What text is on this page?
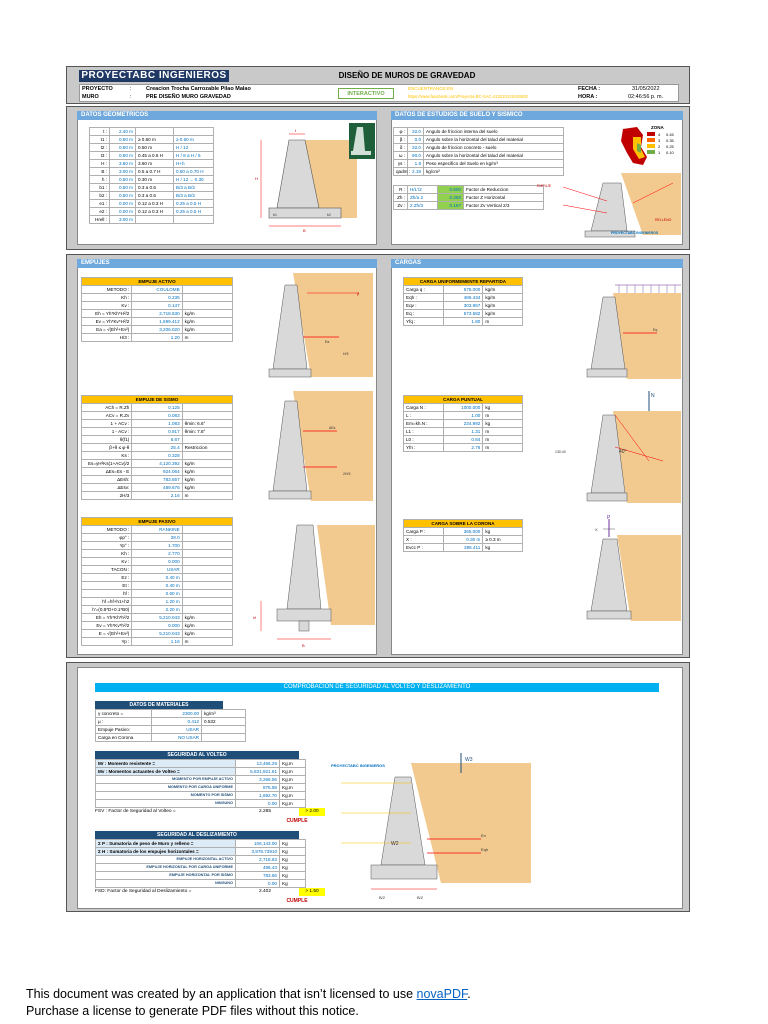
PROYECTABC INGENIEROS	DISEÑO DE MUROS DE GRAVEDAD
PROYECTO	:	Creacion Trocha Carrozable Pilao Malao
MURO	:	PRE DISEÑO MURO GRAVEDAD	INTERACTIVO
ENCUENTRANOS EN
https://www.facebook.com/Proyecta-BC-SAC-413220125193930
FECHA :	31/05/2022
HORA :	02:46:56 p. m.
DATOS GEOMETRICOS
t :	2.40 m		
t1 :	0.60 m	≥ 0.60 m	≥ 0.60 m
t2 :	0.60 m	0.50 m	H / 12
t3 :	0.60 m	0.45 a 0.6 H	H / 8 a H / 6
H :	3.60 m	3.60 m	H+h
B :	3.00 m	0.5 a 0.7 H	0.50 a 0.70 H
h :	0.50 m	0.30 m	H / 12 ... 0.30
b1 :	0.50 m	0.3 a 0.6	B/3 a B/2
b2 :	0.50 m	0.3 a 0.6	B/3 a B/2
e1 :	0.00 m	0.12 a 0.3 H	0.25 a 0.5 H
e2 :	0.00 m	0.12 a 0.3 H	0.25 a 0.5 H
Hrell :	3.00 m		
t
H
B
b1	b2
DATOS DE ESTUDIOS DE SUELO Y SISMICO
φ :	32.0	Angulo de friccion interna del suelo
β :	0.0	Angulo sobre la horizontal del talud del material
δ :	32.0	Angulo de friccion concreto - suelo
ω :	90.0	Angulo sobre la horizontal del talud del material
γs :	1.8	Peso especifico del Suelo en kg/m³
qadm :	2.19	kg/cm²
R :	H/L'/2	0.500	Factor de Reduccion
Zh :	Zh/a 2	0.250	Factor Z Horizontal
Zv :	2.Zh/3	0.167	Factor Zv Vertical 2/3
ZONA
4	0.45
3	0.35
2	0.25
1	0.10
EMPUJE
RELLENO
PROYECTABC INGENIEROS
EMPUJES
EMPUJE ACTIVO		
METODO :	COULOMB	
Kh :	0.235	
Kv :	0.147	
Eh = Yh*Kh*H²/2	2,718.630	kg/m
Ev = Yh*Kv*H²/2	1,699.412	kg/m
Ea = √(Eh²+Ev²)	3,206.020	kg/m
H/3 :	1.20	m
β
Ea
H/3
EMPUJE DE SISMO		
ACh = R.Zh	0.125	
ACv = R.Zv	0.083	
1 + ACv :	1.083	θmin: 6.6°
1 - ACv :	0.917	θmin: 7.8°
θ(f1)	6.67	
β+θ ≤ φ-θ	25.4	Restriccion
Ks :	0.328	
Es=γH²Ks(1+ACv)/2	4,120.392	kg/m
ΔEs=Es - E	924.064	kg/m
ΔEsh:	783.657	kg/m
ΔEsv:	489.676	kg/m
2H/3	2.16	m
ΔEs
2H/3
EMPUJE PASIVO		
METODO :	RANKINE	
φp° :	28.0	
Yp° :	1.700	
Kh :	2.770	
Kv :	0.000	
TACON :	USAR	
Ez :	0.40 m	
Et :	0.40 m	
hf :	0.60 m	
hf =hf+h1+h2	1.20 m	
h'=(0.8*D+0.1*B0)	2.20 m	
Eh = Yh*Kh*h²/2	5,210.043	kg/m
Ev = Yh*Kv*h²/2	0.000	kg/m
E = √(Eh²+Ev²)	5,210.043	kg/m
Yp :	1.16	m
B
hf
CARGAS
CARGA UNIFORMEMENTE REPARTIDA		
Carga q :	575.000	kg/m
Eqh :	486.434	kg/m
Eqv :	303.957	kg/m
Eq :	573.582	kg/m
Yfq :	1.80	m
Eq
CARGA PUNTUAL		
Carga N :	1000.000	kg
L :	1.00	m
Em=kh.N :	234.992	kg
L1 :	1.31	m
L0 :	0.84	m
Yfn :	2.76	m
N
40°
130.40
CARGA SOBRE LA CORONA		
Carga P :	365.000	kg
X :	0.30 m	≥ 0.3 m
Evcc P :	395.411	kg
P
X
COMPROBACION DE SEGURIDAD AL VOLTEO Y DESLIZAMIENTO
DATOS DE MATERIALES
γ concreto =	2300.00	kg/m³
μ :	0.412	0.532
Empuje Pasivo:	USAR	
Carga en Corona	NO USAR	
SEGURIDAD AL VOLTEO
Mr : Momento resistente =	13,466.25	Kg.m
Mv : Momentos actuantes de Volteo =	5,831,821.61	Kg.m
MOMENTO POR EMPUJE ACTIVO	3,266.56	Kg.m
MOMENTO POR CARGA UNIFORME	875.58	Kg.m
MOMENTO POR SISMO	1,692.70	Kg.m
NINGUNO	0.00	Kg.m
FSV : Factor de Seguridad al Volteo =	2.285	> 2.00
CUMPLE
SEGURIDAD AL DESLIZAMIENTO
Σ P : Sumatoria de peso de Muro y relleno =	106,143.00	Kg
Σ H : Sumatoria de los empujes horizontales =	3,978.73910	Kg
EMPUJE HORIZONTAL ACTIVO	2,718.63	Kg
EMPUJE HORIZONTAL POR CARGA UNIFORME	486.43	Kg
EMPUJE HORIZONTAL POR SISMO	783.66	Kg
NINGUNO	0.00	Kg
FSD: Factor de Seguridad al Deslizamiento =	2.402	> 1.50
CUMPLE
W3
W2
En
Eqh
B/2	B/2
PROYECTABC INGENIEROS
This document was created by an application that isn’t licensed to use novaPDF.
Purchase a license to generate PDF files without this notice.
